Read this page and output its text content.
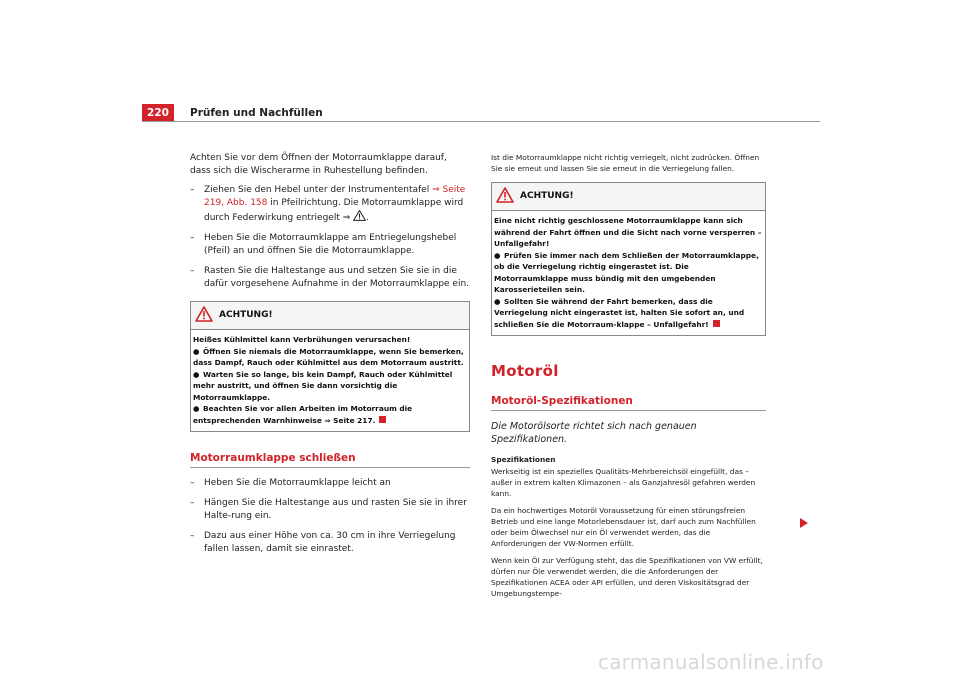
220	Prüfen und Nachfüllen

Achten Sie vor dem Öffnen der Motorraumklappe darauf, dass sich die Wischerarme in Ruhestellung befinden.

– Ziehen Sie den Hebel unter der Instrumententafel ⇒ Seite 219, Abb. 158 in Pfeilrichtung. Die Motorraumklappe wird durch Federwirkung entriegelt ⇒ .
– Heben Sie die Motorraumklappe am Entriegelungshebel (Pfeil) an und öffnen Sie die Motorraumklappe.
– Rasten Sie die Haltestange aus und setzen Sie sie in die dafür vorgesehene Aufnahme in der Motorraumklappe ein.
ACHTUNG!

Heißes Kühlmittel kann Verbrühungen verursachen!

● Öffnen Sie niemals die Motorraumklappe, wenn Sie bemerken, dass Dampf, Rauch oder Kühlmittel aus dem Motorraum austritt.

● Warten Sie so lange, bis kein Dampf, Rauch oder Kühlmittel mehr austritt, und öffnen Sie dann vorsichtig die Motorraumklappe.

● Beachten Sie vor allen Arbeiten im Motorraum die entsprechenden Warnhinweise ⇒ Seite 217.

Motorraumklappe schließen
– Heben Sie die Motorraumklappe leicht an
– Hängen Sie die Haltestange aus und rasten Sie sie in ihrer Halte-rung ein.
– Dazu aus einer Höhe von ca. 30 cm in ihre Verriegelung fallen lassen, damit sie einrastet.

Ist die Motorraumklappe nicht richtig verriegelt, nicht zudrücken. Öffnen Sie sie erneut und lassen Sie sie erneut in die Verriegelung fallen.

ACHTUNG!

Eine nicht richtig geschlossene Motorraumklappe kann sich während der Fahrt öffnen und die Sicht nach vorne versperren – Unfallgefahr!

● Prüfen Sie immer nach dem Schließen der Motorraumklappe, ob die Verriegelung richtig eingerastet ist. Die Motorraumklappe muss bündig mit den umgebenden Karosserieteilen sein.

● Sollten Sie während der Fahrt bemerken, dass die Verriegelung nicht eingerastet ist, halten Sie sofort an, und schließen Sie die Motorraum-klappe – Unfallgefahr!

Motoröl
Motoröl-Spezifikationen

Die Motorölsorte richtet sich nach genauen Spezifikationen.

Spezifikationen

Werkseitig ist ein spezielles Qualitäts-Mehrbereichsöl eingefüllt, das – außer in extrem kalten Klimazonen – als Ganzjahresöl gefahren werden kann.

Da ein hochwertiges Motoröl Voraussetzung für einen störungsfreien Betrieb und eine lange Motorlebensdauer ist, darf auch zum Nachfüllen oder beim Ölwechsel nur ein Öl verwendet werden, das die Anforderungen der VW-Normen erfüllt.

Wenn kein Öl zur Verfügung steht, das die Spezifikationen von VW erfüllt, dürfen nur Öle verwendet werden, die die Anforderungen der Spezifikationen ACEA oder API erfüllen, und deren Viskositätsgrad der Umgebungstempe-

carmanualsonline.info
